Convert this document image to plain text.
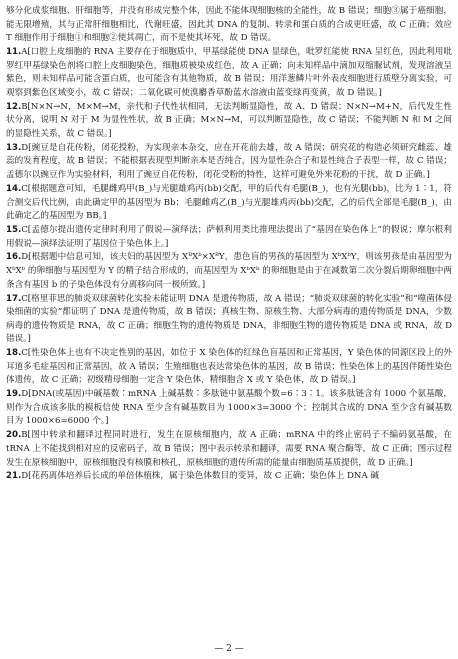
够分化成浆细胞、肝细胞等，并没有形成完整个体，因此不能体现细胞核的全能性，故 B 错误；细胞③属于癌细胞，能无限增殖，其与正常肝细胞相比，代谢旺盛，因此其 DNA 的复制、转录和蛋白质的合成更旺盛，故 C 正确；效应 T 细胞作用于细胞①和细胞②使其凋亡，而不是使其坏死，故 D 错误。

11.A[口腔上皮细胞的 RNA 主要存在于细胞质中，甲基绿能使 DNA 显绿色，吡罗红能使 RNA 呈红色，因此利用吡罗红甲基绿染色剂将口腔上皮细胞染色，细胞质被染成红色，故 A 正确；向未知样品中滴加双缩脲试剂，发现溶液呈紫色，则未知样品可能含蛋白质，也可能含有其他物质，故 B 错误；用洋葱鳞片叶外表皮细胞进行质壁分离实验，可观察到紫色区域变小，故 C 错误；二氧化碳可使溴麝香草酚蓝水溶液由蓝变绿再变黄，故 D 错误。]

12.B[N×N→N，M×M→M，亲代和子代性状相同，无法判断显隐性，故 A、D 错误；N×N→M+N，后代发生性状分离，说明 N 对于 M 为显性性状，故 B 正确；M×N→M，可以判断显隐性，故 C 错误；不能判断 N 和 M 之间的显隐性关系，故 C 错误。]

13.D[豌豆是自花传粉，闭花授粉，为实现亲本杂交，应在开花前去雄，故 A 错误；研究花的构造必须研究雌蕊、雄蕊的发育程度，故 B 错误；不能根据表现型判断亲本是否纯合，因为显性杂合子和显性纯合子表型一样，故 C 错误；孟德尔以豌豆作为实验材料，利用了豌豆自花传粉，闭花受粉的特性，这样可避免外来花粉的干扰，故 D 正确。]

14.C[根据题意可知，毛腿雌鸡甲(B_)与光腿雄鸡丙(bb)交配，甲的后代有毛腿(B_)，也有光腿(bb)，比为 1∶1，符合测交后代比例，由此确定甲的基因型为 Bb；毛腿雌鸡乙(B_)与光腿雄鸡丙(bb)交配，乙的后代全部是毛腿(B_)，由此确定乙的基因型为 BB。]

15.C[孟德尔提出遗传定律时利用了假说—演绎法；萨顿利用类比推理法提出了“基因在染色体上”的假说；摩尔根利用假说—演绎法证明了基因位于染色体上。]

16.D[根据题中信息可知，该夫妇的基因型为 XᴮXᵇ×XᴮY，患色盲的男孩的基因型为 XᵇXᵇY，则该男孩是由基因型为 XᵇXᵇ 的卵细胞与基因型为 Y 的精子结合形成的，而基因型为 XᵇXᵇ 的卵细胞是由于在减数第二次分裂后期卵细胞中两条含有基因 b 的子染色体没有分离移向同一极所致。]

17.C[格里菲思的肺炎双球菌转化实验未能证明 DNA 是遗传物质，故 A 错误；“肺炎双球菌的转化实验”和“噬菌体侵染细菌的实验”都证明了 DNA 是遗传物质，故 B 错误；真核生物、原核生物、大部分病毒的遗传物质是 DNA，少数病毒的遗传物质是 RNA，故 C 正确；细胞生物的遗传物质是 DNA，非细胞生物的遗传物质是 DNA 或 RNA，故 D 错误。]

18.C[性染色体上也有不决定性别的基因，如位于 X 染色体的红绿色盲基因和正常基因，Y 染色体的同源区段上的外耳道多毛症基因和正常基因，故 A 错误；生殖细胞也表达常染色体的基因，故 B 错误；性染色体上的基因伴随性染色体遗传，故 C 正确；初级精母细胞一定含 Y 染色体，精细胞含 X 或 Y 染色体，故 D 错误。]

19.D[DNA(或基因)中碱基数∶mRNA 上碱基数∶多肽链中氨基酸个数=6∶3∶1。该多肽链含有 1000 个氨基酸，则作为合成该多肽的模板信使 RNA 至少含有碱基数目为 1000×3=3000 个；控制其合成的 DNA 至少含有碱基数目为 1000×6=6000 个。]

20.B[图中转录和翻译过程同时进行，发生在原核细胞内，故 A 正确；mRNA 中的终止密码子不编码氨基酸，在 tRNA 上不能找到相对应的反密码子，故 B 错误；图中表示转录和翻译，需要 RNA 聚合酶等，故 C 正确；图示过程发生在原核细胞中，原核细胞没有核膜和核孔，原核细胞的遗传所需的能量由细胞质基质提供，故 D 正确。]

21.D[花药离体培养后长成的单倍体植株，属于染色体数目的变异，故 C 正确；染色体上 DNA 碱

— 2 —
